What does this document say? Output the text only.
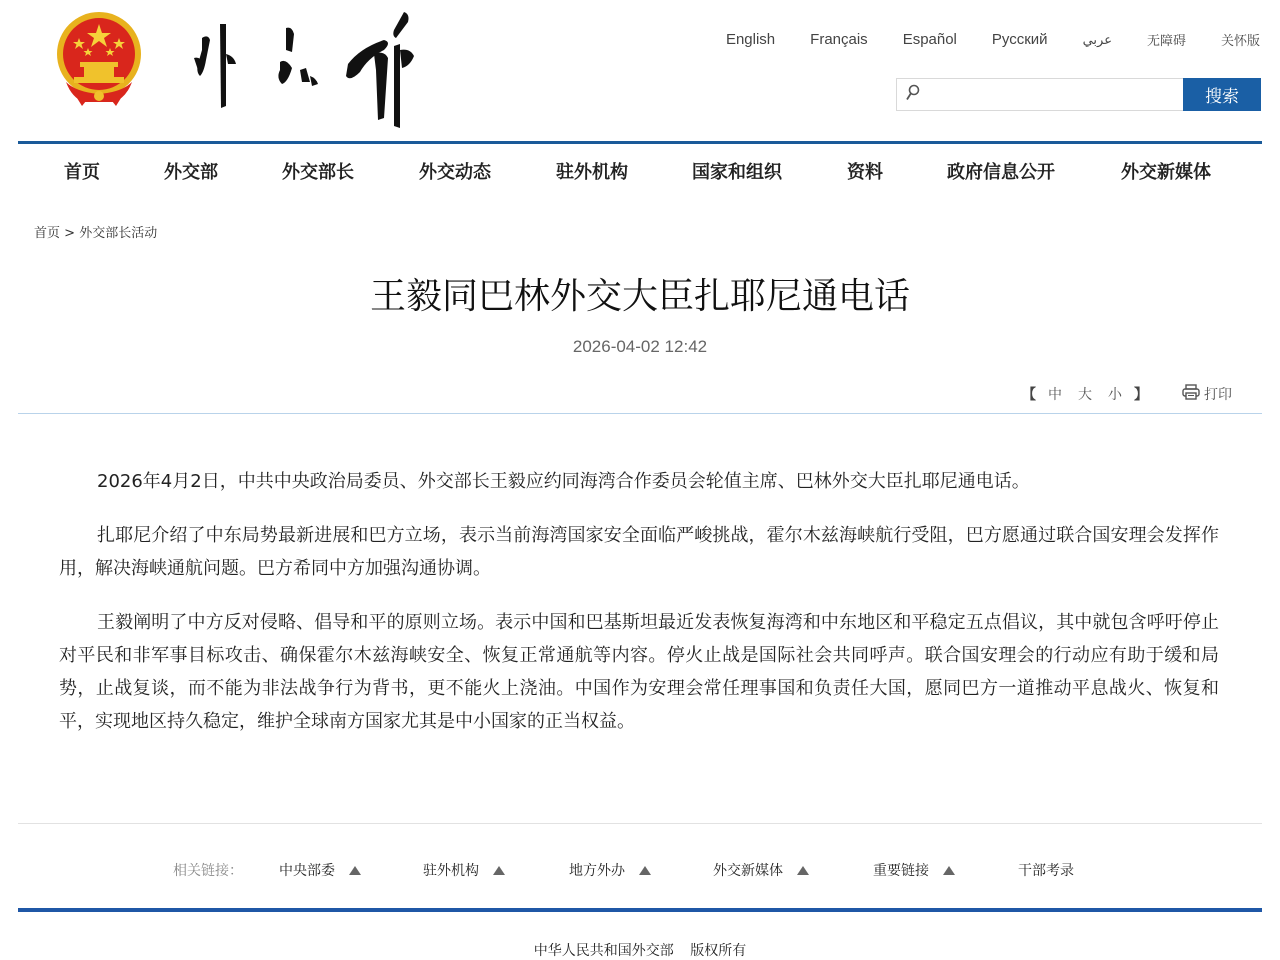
English Français Español Русский	عربي	无障碍	关怀版
搜索
首页	外交部	外交部长	外交动态	驻外机构	国家和组织	资料	政府信息公开	外交新媒体
首页 > 外交部长活动
王毅同巴林外交大臣扎耶尼通电话
2026-04-02 12:42
【 中 大 小 】	打印

2026年4月2日，中共中央政治局委员、外交部长王毅应约同海湾合作委员会轮值主席、巴林外交大臣扎耶尼通电话。

扎耶尼介绍了中东局势最新进展和巴方立场，表示当前海湾国家安全面临严峻挑战，霍尔木兹海峡航行受阻，巴方愿通过联合国安理会发挥作用，解决海峡通航问题。巴方希同中方加强沟通协调。

王毅阐明了中方反对侵略、倡导和平的原则立场。表示中国和巴基斯坦最近发表恢复海湾和中东地区和平稳定五点倡议，其中就包含呼吁停止对平民和非军事目标攻击、确保霍尔木兹海峡安全、恢复正常通航等内容。停火止战是国际社会共同呼声。联合国安理会的行动应有助于缓和局势，止战复谈，而不能为非法战争行为背书，更不能火上浇油。中国作为安理会常任理事国和负责任大国，愿同巴方一道推动平息战火、恢复和平，实现地区持久稳定，维护全球南方国家尤其是中小国家的正当权益。

相关链接：	中央部委	驻外机构	地方外办	外交新媒体	重要链接	干部考录
中华人民共和国外交部 版权所有
